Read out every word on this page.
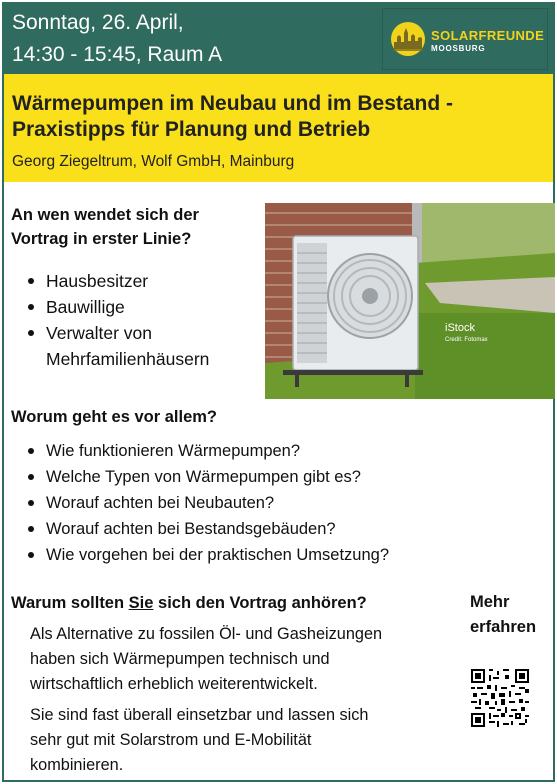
Sonntag, 26. April,
14:30 - 15:45, Raum A
SOLARFREUNDE
MOOSBURG
Wärmepumpen im Neubau und im Bestand -
Praxistipps für Planung und Betrieb
Georg Ziegeltrum, Wolf GmbH, Mainburg
An wen wendet sich der
Vortrag in erster Linie?
Hausbesitzer
Bauwillige
Verwalter von
Mehrfamilienhäusern
iStock
Credit: Fotomax
Worum geht es vor allem?
Wie funktionieren Wärmepumpen?
Welche Typen von Wärmepumpen gibt es?
Worauf achten bei Neubauten?
Worauf achten bei Bestandsgebäuden?
Wie vorgehen bei der praktischen Umsetzung?
Warum sollten Sie sich den Vortrag anhören?
Als Alternative zu fossilen Öl- und Gasheizungen
haben sich Wärmepumpen technisch und
wirtschaftlich erheblich weiterentwickelt.
Sie sind fast überall einsetzbar und lassen sich
sehr gut mit Solarstrom und E-Mobilität
kombinieren.
Mehr
erfahren
